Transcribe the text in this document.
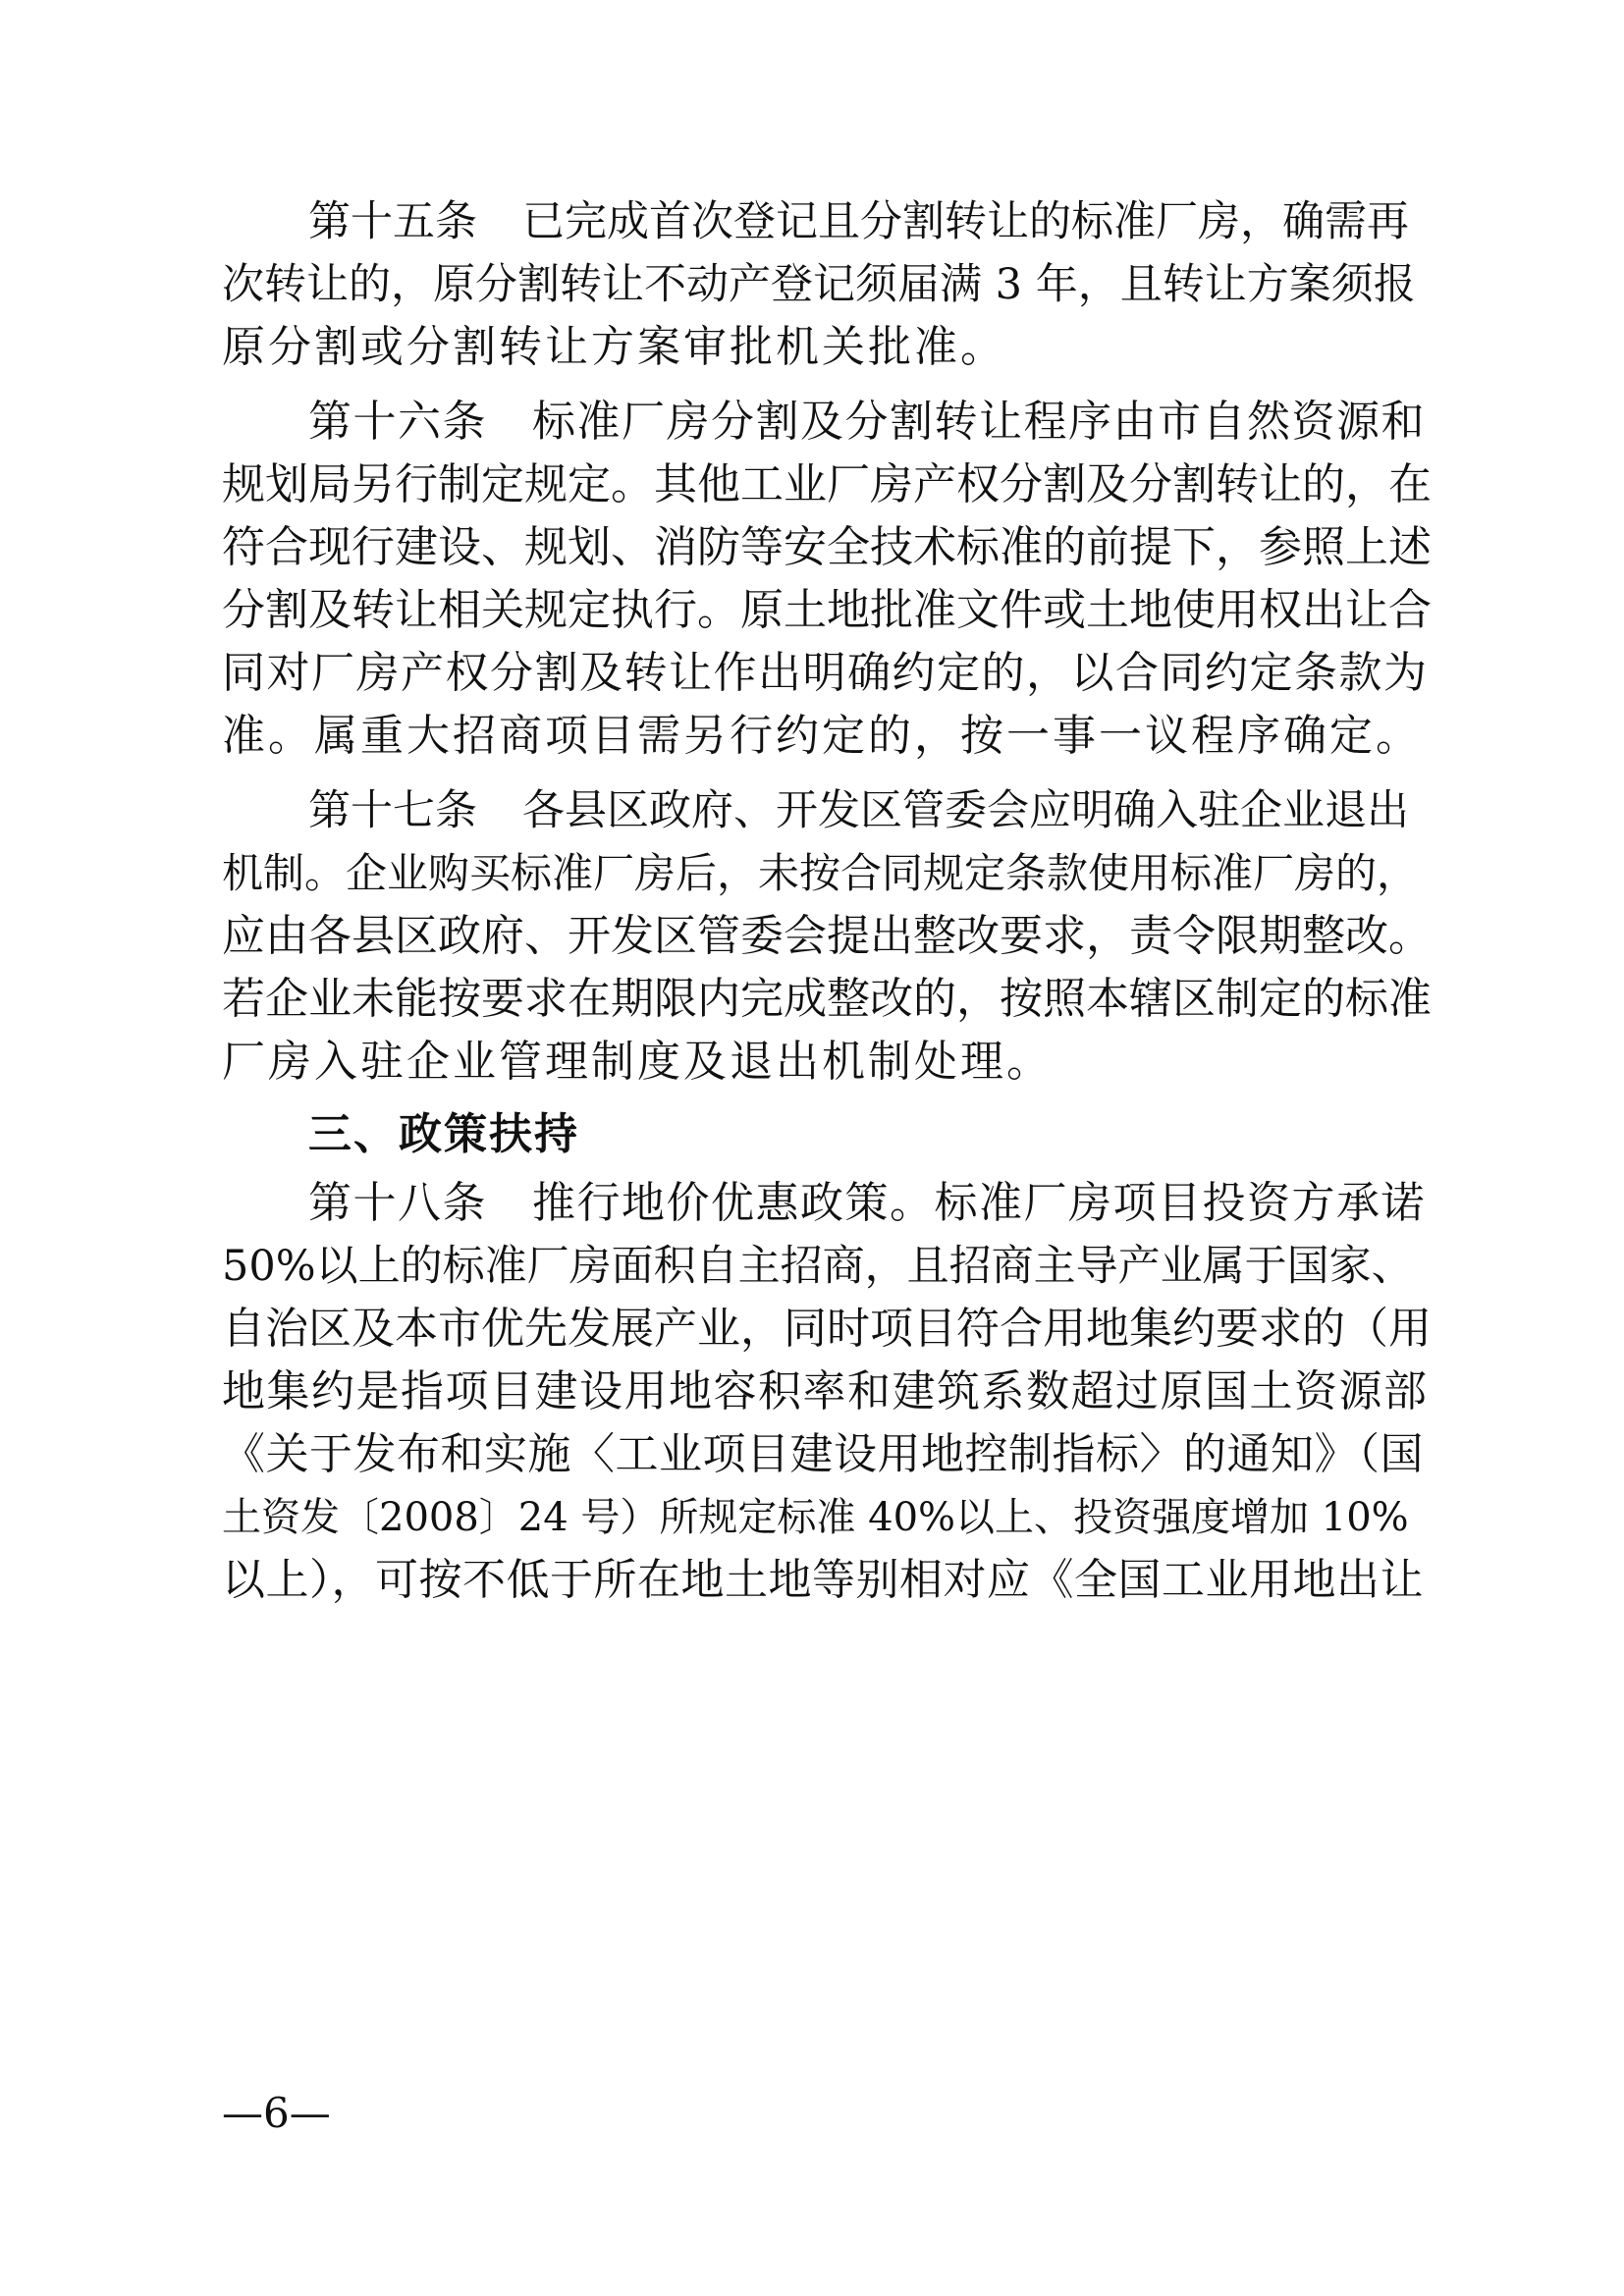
第十五条 已完成首次登记且分割转让的标准厂房，确需再
次转让的，原分割转让不动产登记须届满 3 年，且转让方案须报
原分割或分割转让方案审批机关批准。
第十六条 标准厂房分割及分割转让程序由市自然资源和
规划局另行制定规定。其他工业厂房产权分割及分割转让的，在
符合现行建设、规划、消防等安全技术标准的前提下，参照上述
分割及转让相关规定执行。原土地批准文件或土地使用权出让合
同对厂房产权分割及转让作出明确约定的，以合同约定条款为
准。属重大招商项目需另行约定的，按一事一议程序确定。
第十七条 各县区政府、开发区管委会应明确入驻企业退出
机制。企业购买标准厂房后，未按合同规定条款使用标准厂房的，
应由各县区政府、开发区管委会提出整改要求，责令限期整改。
若企业未能按要求在期限内完成整改的，按照本辖区制定的标准
厂房入驻企业管理制度及退出机制处理。
三、政策扶持
第十八条 推行地价优惠政策。标准厂房项目投资方承诺
50%以上的标准厂房面积自主招商，且招商主导产业属于国家、
自治区及本市优先发展产业，同时项目符合用地集约要求的（用
地集约是指项目建设用地容积率和建筑系数超过原国土资源部
《关于发布和实施〈工业项目建设用地控制指标〉的通知》（国
土资发〔2008〕24 号）所规定标准 40%以上、投资强度增加 10%
以上），可按不低于所在地土地等别相对应《全国工业用地出让
—6—
